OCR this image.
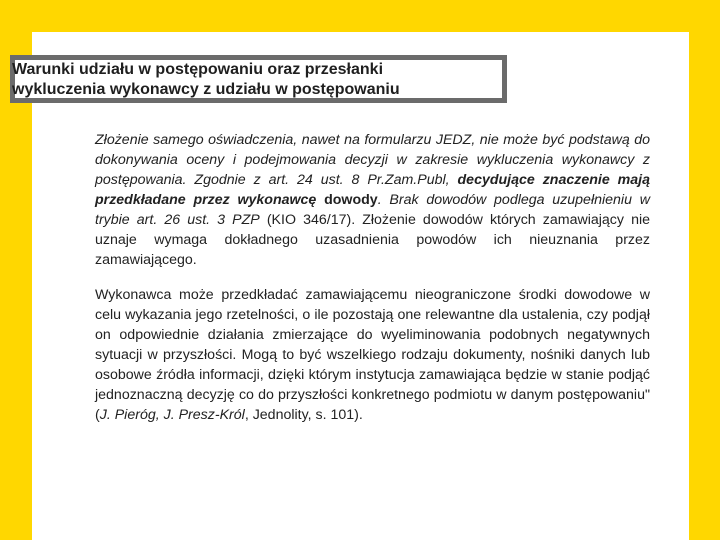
Warunki udziału w postępowaniu oraz przesłanki
wykluczenia wykonawcy z udziału w postępowaniu
Złożenie samego oświadczenia, nawet na formularzu JEDZ, nie może być podstawą do dokonywania oceny i podejmowania decyzji w zakresie wykluczenia wykonawcy z postępowania. Zgodnie z art. 24 ust. 8 Pr.Zam.Publ, decydujące znaczenie mają przedkładane przez wykonawcę dowody. Brak dowodów podlega uzupełnieniu w trybie art. 26 ust. 3 PZP (KIO 346/17). Złożenie dowodów których zamawiający nie uznaje wymaga dokładnego uzasadnienia powodów ich nieuznania przez zamawiającego.
Wykonawca może przedkładać zamawiającemu nieograniczone środki dowodowe w celu wykazania jego rzetelności, o ile pozostają one relewantne dla ustalenia, czy podjął on odpowiednie działania zmierzające do wyeliminowania podobnych negatywnych sytuacji w przyszłości. Mogą to być wszelkiego rodzaju dokumenty, nośniki danych lub osobowe źródła informacji, dzięki którym instytucja zamawiająca będzie w stanie podjąć jednoznaczną decyzję co do przyszłości konkretnego podmiotu w danym postępowaniu" (J. Pieróg, J. Presz-Król, Jednolity, s. 101).
